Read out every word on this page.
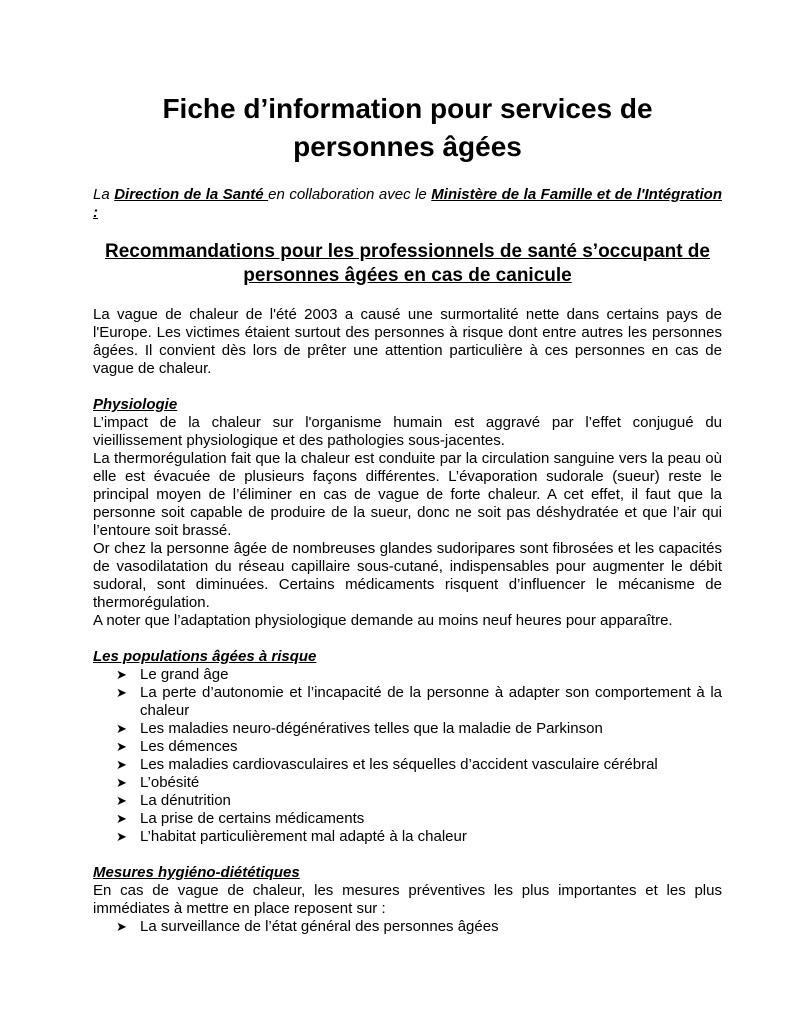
Fiche d’information pour services de personnes âgées
La Direction de la Santé en collaboration avec le Ministère de la Famille et de l'Intégration :
Recommandations pour les professionnels de santé s’occupant de personnes âgées en cas de canicule

La vague de chaleur de l'été 2003 a causé une surmortalité nette dans certains pays de l'Europe. Les victimes étaient surtout des personnes à risque dont entre autres les personnes âgées. Il convient dès lors de prêter une attention particulière à ces personnes en cas de vague de chaleur.

Physiologie

L’impact de la chaleur sur l'organisme humain est aggravé par l’effet conjugué du vieillissement physiologique et des pathologies sous-jacentes.

La thermorégulation fait que la chaleur est conduite par la circulation sanguine vers la peau où elle est évacuée de plusieurs façons différentes. L’évaporation sudorale (sueur) reste le principal moyen de l’éliminer en cas de vague de forte chaleur. A cet effet, il faut que la personne soit capable de produire de la sueur, donc ne soit pas déshydratée et que l’air qui l’entoure soit brassé.

Or chez la personne âgée de nombreuses glandes sudoripares sont fibrosées et les capacités de vasodilatation du réseau capillaire sous-cutané, indispensables pour augmenter le débit sudoral, sont diminuées. Certains médicaments risquent d’influencer le mécanisme de thermorégulation.

A noter que l’adaptation physiologique demande au moins neuf heures pour apparaître.

Les populations âgées à risque
➤ Le grand âge
➤ La perte d’autonomie et l’incapacité de la personne à adapter son comportement à la chaleur
➤ Les maladies neuro-dégénératives telles que la maladie de Parkinson
➤ Les démences
➤ Les maladies cardiovasculaires et les séquelles d’accident vasculaire cérébral
➤ L’obésité
➤ La dénutrition
➤ La prise de certains médicaments
➤ L’habitat particulièrement mal adapté à la chaleur
Mesures hygiéno-diététiques

En cas de vague de chaleur, les mesures préventives les plus importantes et les plus immédiates à mettre en place reposent sur :

➤ La surveillance de l’état général des personnes âgées
